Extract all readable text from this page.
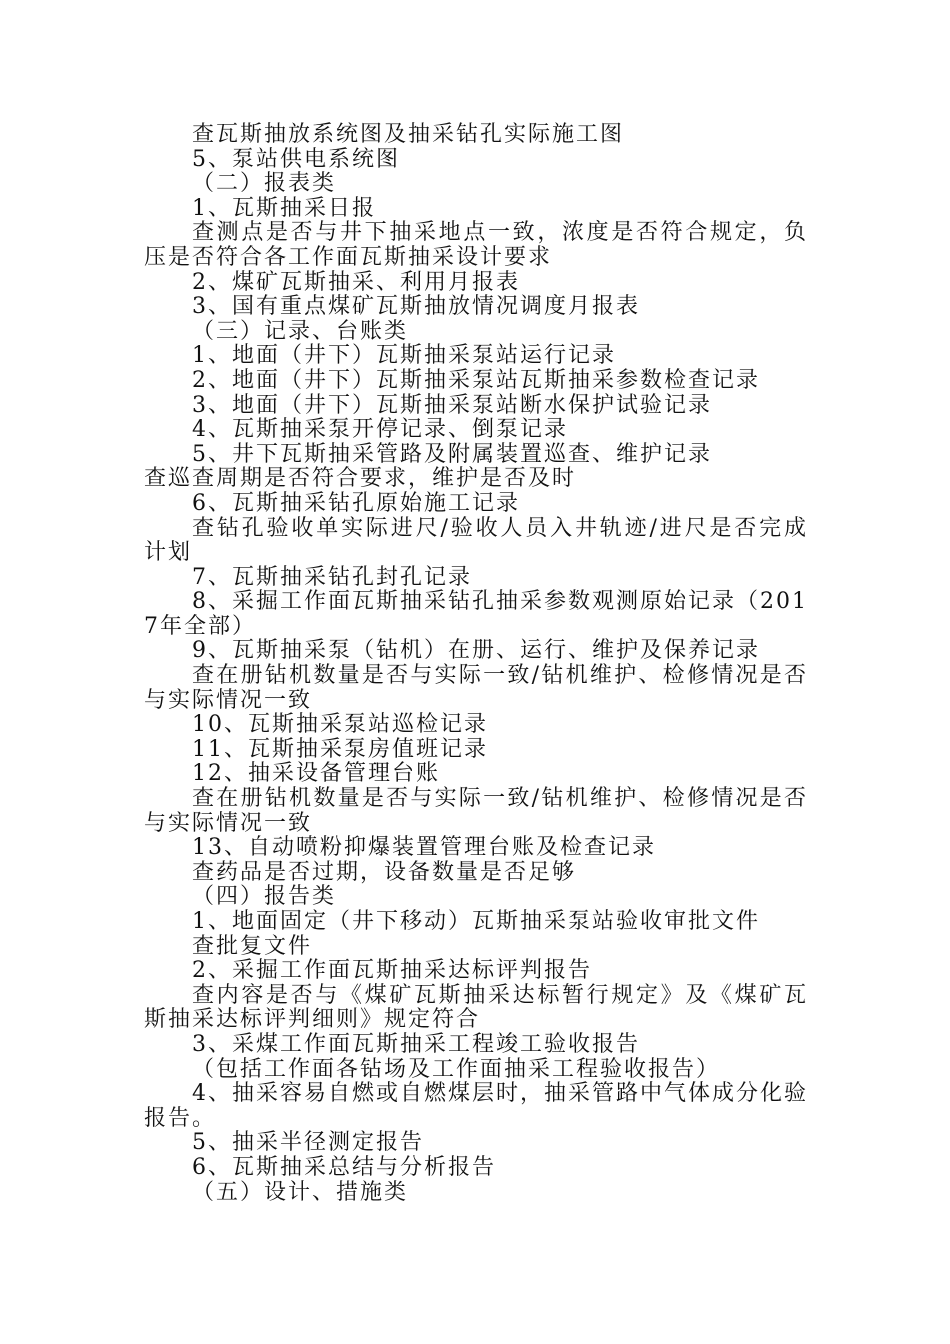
查瓦斯抽放系统图及抽采钻孔实际施工图

5、泵站供电系统图

（二）报表类

1、瓦斯抽采日报

查测点是否与井下抽采地点一致，浓度是否符合规定，负压是否符合各工作面瓦斯抽采设计要求

2、煤矿瓦斯抽采、利用月报表

3、国有重点煤矿瓦斯抽放情况调度月报表

（三）记录、台账类

1、地面（井下）瓦斯抽采泵站运行记录

2、地面（井下）瓦斯抽采泵站瓦斯抽采参数检查记录

3、地面（井下）瓦斯抽采泵站断水保护试验记录

4、瓦斯抽采泵开停记录、倒泵记录

5、井下瓦斯抽采管路及附属装置巡查、维护记录

查巡查周期是否符合要求，维护是否及时

6、瓦斯抽采钻孔原始施工记录

查钻孔验收单实际进尺/验收人员入井轨迹/进尺是否完成计划

7、瓦斯抽采钻孔封孔记录

8、采掘工作面瓦斯抽采钻孔抽采参数观测原始记录（2017年全部）

9、瓦斯抽采泵（钻机）在册、运行、维护及保养记录

查在册钻机数量是否与实际一致/钻机维护、检修情况是否与实际情况一致

10、瓦斯抽采泵站巡检记录

11、瓦斯抽采泵房值班记录

12、抽采设备管理台账

查在册钻机数量是否与实际一致/钻机维护、检修情况是否与实际情况一致

13、自动喷粉抑爆装置管理台账及检查记录

查药品是否过期，设备数量是否足够

（四）报告类

1、地面固定（井下移动）瓦斯抽采泵站验收审批文件

查批复文件

2、采掘工作面瓦斯抽采达标评判报告

查内容是否与《煤矿瓦斯抽采达标暂行规定》及《煤矿瓦斯抽采达标评判细则》规定符合

3、采煤工作面瓦斯抽采工程竣工验收报告

（包括工作面各钻场及工作面抽采工程验收报告）

4、抽采容易自燃或自燃煤层时，抽采管路中气体成分化验报告。

5、抽采半径测定报告

6、瓦斯抽采总结与分析报告

（五）设计、措施类
